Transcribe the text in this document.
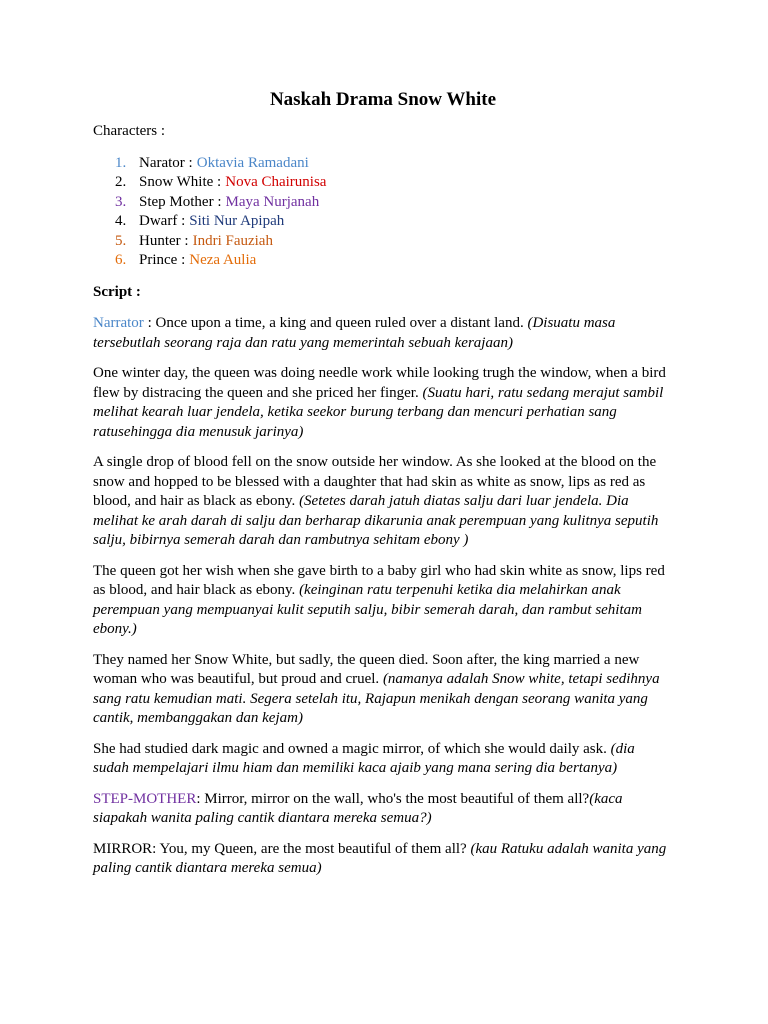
Naskah Drama Snow White
Characters :
1. Narator : Oktavia Ramadani
2. Snow White : Nova Chairunisa
3. Step Mother : Maya Nurjanah
4. Dwarf : Siti Nur Apipah
5. Hunter : Indri Fauziah
6. Prince : Neza Aulia
Script :

Narrator : Once upon a time, a king and queen ruled over a distant land. (Disuatu masa tersebutlah seorang raja dan ratu yang memerintah sebuah kerajaan)

One winter day, the queen was doing needle work while looking trugh the window, when a bird flew by distracing the queen and she priced her finger. (Suatu hari, ratu sedang merajut sambil melihat kearah luar jendela, ketika seekor burung terbang dan mencuri perhatian sang ratusehingga dia menusuk jarinya)

A single drop of blood fell on the snow outside her window. As she looked at the blood on the snow and hopped to be blessed with a daughter that had skin as white as snow, lips as red as blood, and hair as black as ebony. (Setetes darah jatuh diatas salju dari luar jendela. Dia melihat ke arah darah di salju dan berharap dikarunia anak perempuan yang kulitnya seputih salju, bibirnya semerah darah dan rambutnya sehitam ebony )

The queen got her wish when she gave birth to a baby girl who had skin white as snow, lips red as blood, and hair black as ebony. (keinginan ratu terpenuhi ketika dia melahirkan anak perempuan yang mempuanyai kulit seputih salju, bibir semerah darah, dan rambut sehitam ebony.)

They named her Snow White, but sadly, the queen died. Soon after, the king married a new woman who was beautiful, but proud and cruel. (namanya adalah Snow white, tetapi sedihnya sang ratu kemudian mati. Segera setelah itu, Rajapun menikah dengan seorang wanita yang cantik, membanggakan dan kejam)

She had studied dark magic and owned a magic mirror, of which she would daily ask. (dia sudah mempelajari ilmu hiam dan memiliki kaca ajaib yang mana sering dia bertanya)

STEP-MOTHER: Mirror, mirror on the wall, who's the most beautiful of them all?(kaca siapakah wanita paling cantik diantara mereka semua?)

MIRROR: You, my Queen, are the most beautiful of them all? (kau Ratuku adalah wanita yang paling cantik diantara mereka semua)
